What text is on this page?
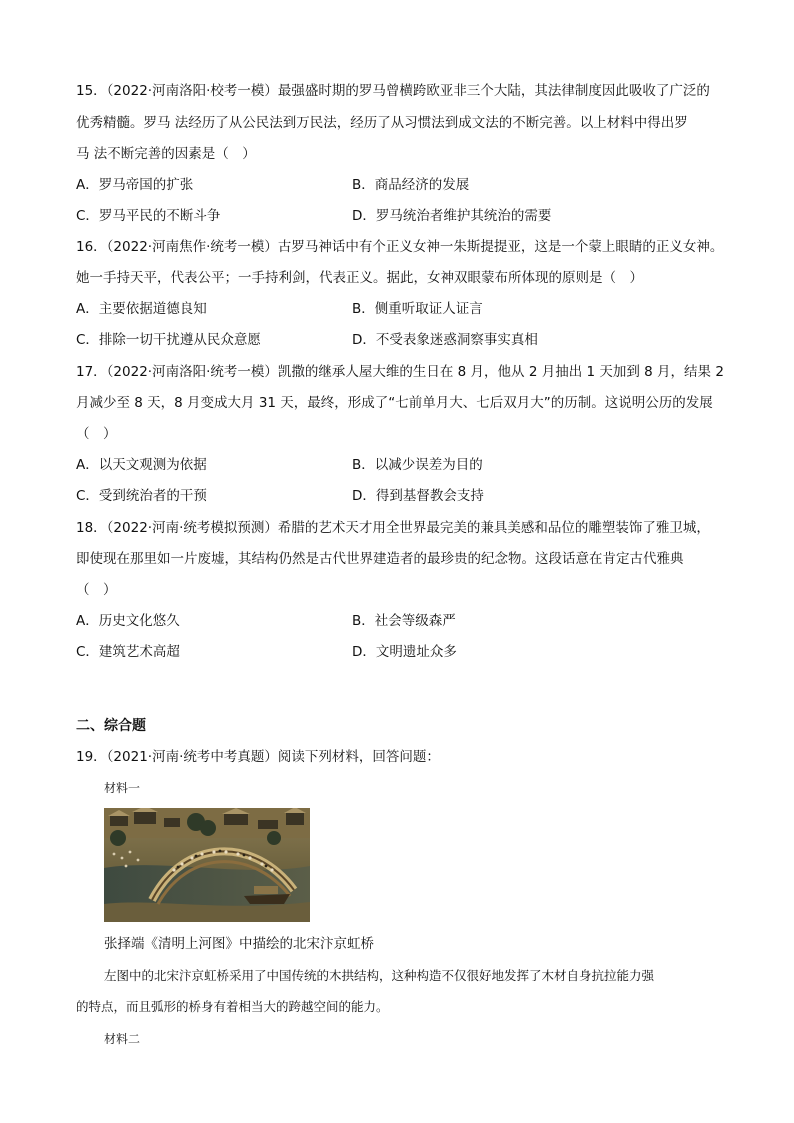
15．（2022·河南洛阳·校考一模）最强盛时期的罗马曾横跨欧亚非三个大陆，其法律制度因此吸收了广泛的
优秀精髓。罗马 法经历了从公民法到万民法，经历了从习惯法到成文法的不断完善。以上材料中得出罗
马 法不断完善的因素是（　）
A．罗马帝国的扩张	B．商品经济的发展
C．罗马平民的不断斗争	D．罗马统治者维护其统治的需要
16．（2022·河南焦作·统考一模）古罗马神话中有个正义女神一朱斯提提亚，这是一个蒙上眼睛的正义女神。
她一手持天平，代表公平；一手持利剑，代表正义。据此，女神双眼蒙布所体现的原则是（　）
A．主要依据道德良知	B．侧重听取证人证言
C．排除一切干扰遵从民众意愿	D．不受表象迷惑洞察事实真相
17．（2022·河南洛阳·统考一模）凯撒的继承人屋大维的生日在 8 月，他从 2 月抽出 1 天加到 8 月，结果 2
月减少至 8 天，8 月变成大月 31 天，最终，形成了“七前单月大、七后双月大”的历制。这说明公历的发展
（　）
A．以天文观测为依据	B．以减少误差为目的
C．受到统治者的干预	D．得到基督教会支持
18．（2022·河南·统考模拟预测）希腊的艺术天才用全世界最完美的兼具美感和品位的雕塑装饰了雅卫城，
即使现在那里如一片废墟，其结构仍然是古代世界建造者的最珍贵的纪念物。这段话意在肯定古代雅典
（　）
A．历史文化悠久	B．社会等级森严
C．建筑艺术高超	D．文明遗址众多
二、综合题
19．（2021·河南·统考中考真题）阅读下列材料，回答问题：
材料一
张择端《清明上河图》中描绘的北宋汴京虹桥
左图中的北宋汴京虹桥采用了中国传统的木拱结构，这种构造不仅很好地发挥了木材自身抗拉能力强
的特点，而且弧形的桥身有着相当大的跨越空间的能力。
材料二
